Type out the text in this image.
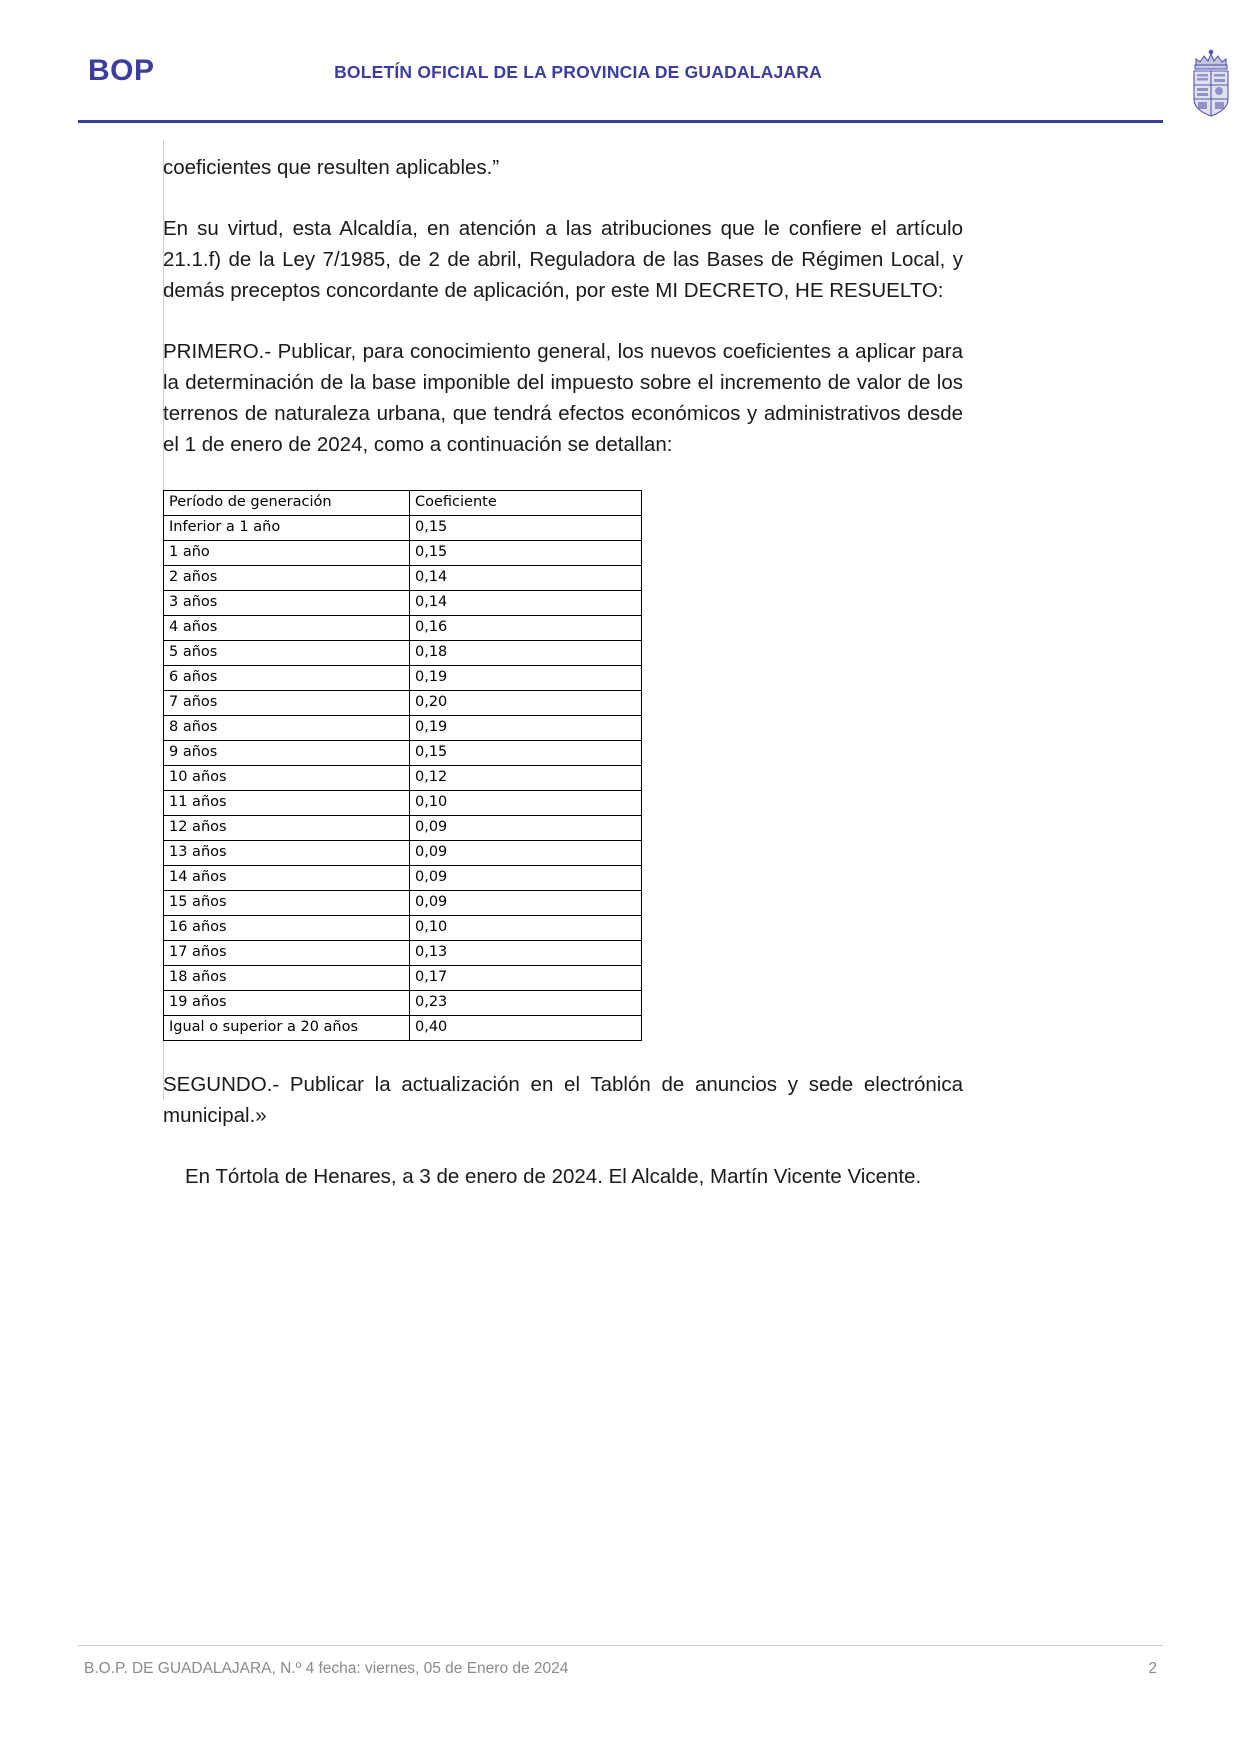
BOP	BOLETÍN OFICIAL DE LA PROVINCIA DE GUADALAJARA

coeficientes que resulten aplicables.”

En su virtud, esta Alcaldía, en atención a las atribuciones que le confiere el artículo 21.1.f) de la Ley 7/1985, de 2 de abril, Reguladora de las Bases de Régimen Local, y demás preceptos concordante de aplicación, por este MI DECRETO, HE RESUELTO:

PRIMERO.- Publicar, para conocimiento general, los nuevos coeficientes a aplicar para la determinación de la base imponible del impuesto sobre el incremento de valor de los terrenos de naturaleza urbana, que tendrá efectos económicos y administrativos desde el 1 de enero de 2024, como a continuación se detallan:

Período de generación	Coeficiente
Inferior a 1 año	0,15
1 año	0,15
2 años	0,14
3 años	0,14
4 años	0,16
5 años	0,18
6 años	0,19
7 años	0,20
8 años	0,19
9 años	0,15
10 años	0,12
11 años	0,10
12 años	0,09
13 años	0,09
14 años	0,09
15 años	0,09
16 años	0,10
17 años	0,13
18 años	0,17
19 años	0,23
Igual o superior a 20 años	0,40

SEGUNDO.- Publicar la actualización en el Tablón de anuncios y sede electrónica municipal.»

En Tórtola de Henares, a 3 de enero de 2024. El Alcalde, Martín Vicente Vicente.

B.O.P. DE GUADALAJARA, N.º 4 fecha: viernes, 05 de Enero de 2024	2
